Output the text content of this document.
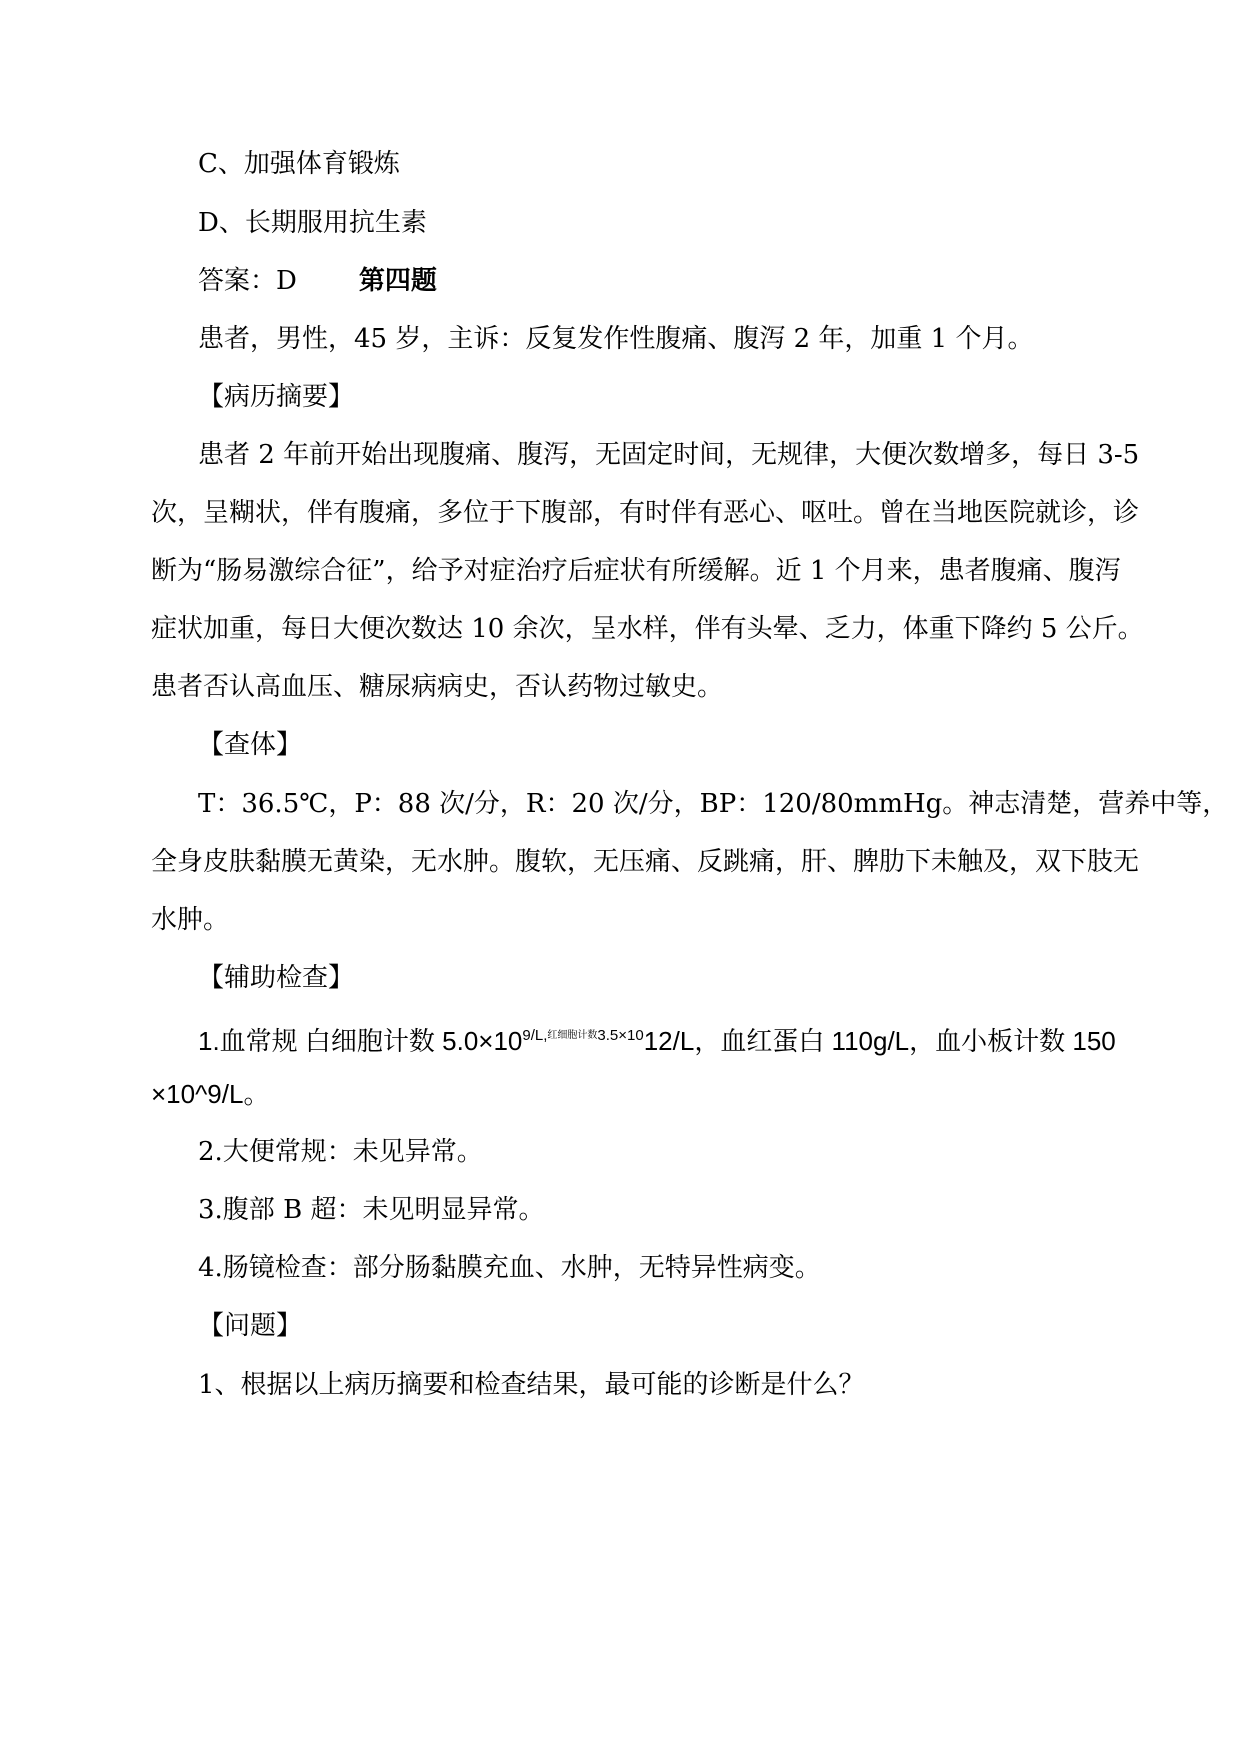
C、加强体育锻炼
D、长期服用抗生素
答案：D 第四题
患者，男性，45 岁，主诉：反复发作性腹痛、腹泻 2 年，加重 1 个月。
【病历摘要】
患者 2 年前开始出现腹痛、腹泻，无固定时间，无规律，大便次数增多，每日 3-5
次，呈糊状，伴有腹痛，多位于下腹部，有时伴有恶心、呕吐。曾在当地医院就诊，诊
断为“肠易激综合征”，给予对症治疗后症状有所缓解。近 1 个月来，患者腹痛、腹泻
症状加重，每日大便次数达 10 余次，呈水样，伴有头晕、乏力，体重下降约 5 公斤。
患者否认高血压、糖尿病病史，否认药物过敏史。
【查体】
T：36.5℃，P：88 次/分，R：20 次/分，BP：120/80mmHg。神志清楚，营养中等，
全身皮肤黏膜无黄染，无水肿。腹软，无压痛、反跳痛，肝、脾肋下未触及，双下肢无
水肿。
【辅助检查】
1.血常规 白细胞计数 $5.0\times 10^{9/L,红细胞计数3.5\times 10}12/L$，血红蛋白 110g/L，血小板计数 150
×10^9/L。
2.大便常规：未见异常。
3.腹部 B 超：未见明显异常。
4.肠镜检查：部分肠黏膜充血、水肿，无特异性病变。
【问题】
1、根据以上病历摘要和检查结果，最可能的诊断是什么？
